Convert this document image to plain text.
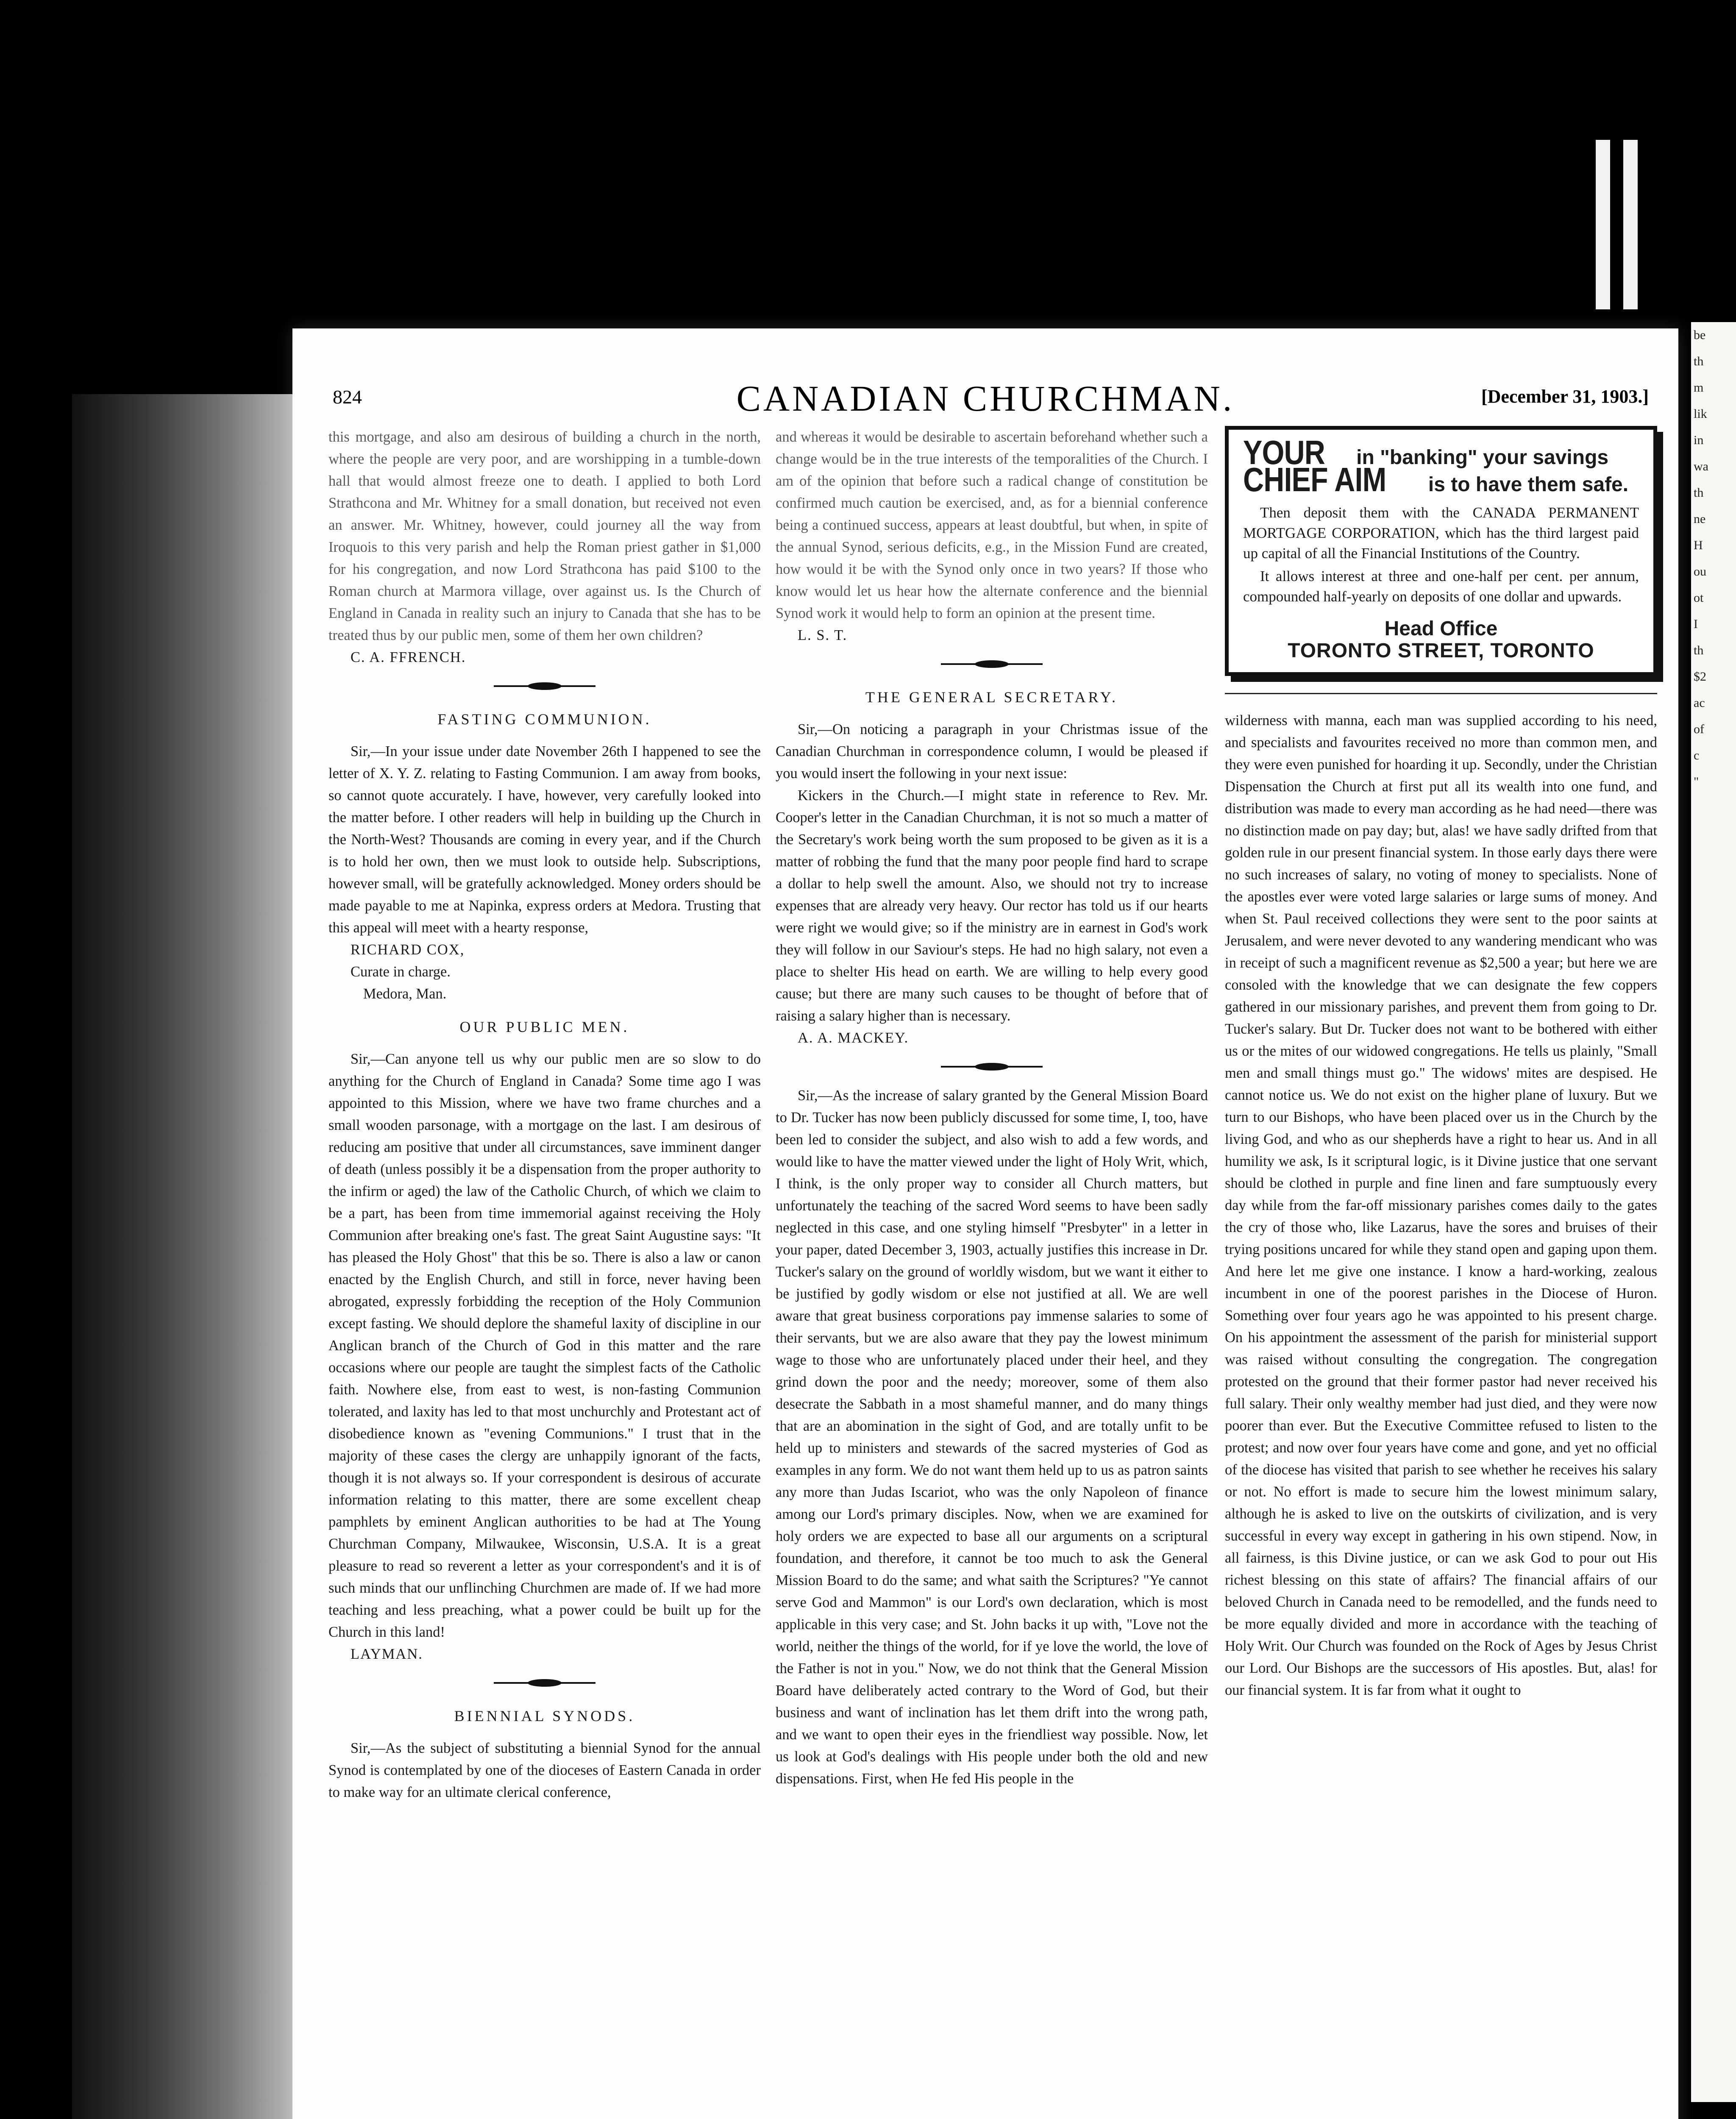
be
th
m
lik
in
wa
th
ne
H
ou
ot
I
th
$2
ac
of
c
"
824	CANADIAN CHURCHMAN.	[December 31, 1903.]

this mortgage, and also am desirous of building a church in the north, where the people are very poor, and are worshipping in a tumble-down hall that would almost freeze one to death. I applied to both Lord Strathcona and Mr. Whitney for a small donation, but received not even an answer. Mr. Whitney, however, could journey all the way from Iroquois to this very parish and help the Roman priest gather in $1,000 for his congregation, and now Lord Strathcona has paid $100 to the Roman church at Marmora village, over against us. Is the Church of England in Canada in reality such an injury to Canada that she has to be treated thus by our public men, some of them her own children?

C. A. FFRENCH.

FASTING COMMUNION.

Sir,—In your issue under date November 26th I happened to see the letter of X. Y. Z. relating to Fasting Communion. I am away from books, so cannot quote accurately. I have, however, very carefully looked into the matter before. I other readers will help in building up the Church in the North-West? Thousands are coming in every year, and if the Church is to hold her own, then we must look to outside help. Subscriptions, however small, will be gratefully acknowledged. Money orders should be made payable to me at Napinka, express orders at Medora. Trusting that this appeal will meet with a hearty response,

RICHARD COX,

Curate in charge.

Medora, Man.

OUR PUBLIC MEN.

Sir,—Can anyone tell us why our public men are so slow to do anything for the Church of England in Canada? Some time ago I was appointed to this Mission, where we have two frame churches and a small wooden parsonage, with a mortgage on the last. I am desirous of reducing am positive that under all circumstances, save imminent danger of death (unless possibly it be a dispensation from the proper authority to the infirm or aged) the law of the Catholic Church, of which we claim to be a part, has been from time immemorial against receiving the Holy Communion after breaking one's fast. The great Saint Augustine says: "It has pleased the Holy Ghost" that this be so. There is also a law or canon enacted by the English Church, and still in force, never having been abrogated, expressly forbidding the reception of the Holy Communion except fasting. We should deplore the shameful laxity of discipline in our Anglican branch of the Church of God in this matter and the rare occasions where our people are taught the simplest facts of the Catholic faith. Nowhere else, from east to west, is non-fasting Communion tolerated, and laxity has led to that most unchurchly and Protestant act of disobedience known as "evening Communions." I trust that in the majority of these cases the clergy are unhappily ignorant of the facts, though it is not always so. If your correspondent is desirous of accurate information relating to this matter, there are some excellent cheap pamphlets by eminent Anglican authorities to be had at The Young Churchman Company, Milwaukee, Wisconsin, U.S.A. It is a great pleasure to read so reverent a letter as your correspondent's and it is of such minds that our unflinching Churchmen are made of. If we had more teaching and less preaching, what a power could be built up for the Church in this land!

LAYMAN.

BIENNIAL SYNODS.

Sir,—As the subject of substituting a biennial Synod for the annual Synod is contemplated by one of the dioceses of Eastern Canada in order to make way for an ultimate clerical conference,

and whereas it would be desirable to ascertain beforehand whether such a change would be in the true interests of the temporalities of the Church. I am of the opinion that before such a radical change of constitution be confirmed much caution be exercised, and, as for a biennial conference being a continued success, appears at least doubtful, but when, in spite of the annual Synod, serious deficits, e.g., in the Mission Fund are created, how would it be with the Synod only once in two years? If those who know would let us hear how the alternate conference and the biennial Synod work it would help to form an opinion at the present time.

L. S. T.

THE GENERAL SECRETARY.

Sir,—On noticing a paragraph in your Christmas issue of the Canadian Churchman in correspondence column, I would be pleased if you would insert the following in your next issue:

Kickers in the Church.—I might state in reference to Rev. Mr. Cooper's letter in the Canadian Churchman, it is not so much a matter of the Secretary's work being worth the sum proposed to be given as it is a matter of robbing the fund that the many poor people find hard to scrape a dollar to help swell the amount. Also, we should not try to increase expenses that are already very heavy. Our rector has told us if our hearts were right we would give; so if the ministry are in earnest in God's work they will follow in our Saviour's steps. He had no high salary, not even a place to shelter His head on earth. We are willing to help every good cause; but there are many such causes to be thought of before that of raising a salary higher than is necessary.

A. A. MACKEY.

Sir,—As the increase of salary granted by the General Mission Board to Dr. Tucker has now been publicly discussed for some time, I, too, have been led to consider the subject, and also wish to add a few words, and would like to have the matter viewed under the light of Holy Writ, which, I think, is the only proper way to consider all Church matters, but unfortunately the teaching of the sacred Word seems to have been sadly neglected in this case, and one styling himself "Presbyter" in a letter in your paper, dated December 3, 1903, actually justifies this increase in Dr. Tucker's salary on the ground of worldly wisdom, but we want it either to be justified by godly wisdom or else not justified at all. We are well aware that great business corporations pay immense salaries to some of their servants, but we are also aware that they pay the lowest minimum wage to those who are unfortunately placed under their heel, and they grind down the poor and the needy; moreover, some of them also desecrate the Sabbath in a most shameful manner, and do many things that are an abomination in the sight of God, and are totally unfit to be held up to ministers and stewards of the sacred mysteries of God as examples in any form. We do not want them held up to us as patron saints any more than Judas Iscariot, who was the only Napoleon of finance among our Lord's primary disciples. Now, when we are examined for holy orders we are expected to base all our arguments on a scriptural foundation, and therefore, it cannot be too much to ask the General Mission Board to do the same; and what saith the Scriptures? "Ye cannot serve God and Mammon" is our Lord's own declaration, which is most applicable in this very case; and St. John backs it up with, "Love not the world, neither the things of the world, for if ye love the world, the love of the Father is not in you." Now, we do not think that the General Mission Board have deliberately acted contrary to the Word of God, but their business and want of inclination has let them drift into the wrong path, and we want to open their eyes in the friendliest way possible. Now, let us look at God's dealings with His people under both the old and new dispensations. First, when He fed His people in the

YOUR in "banking" your savings
CHIEF AIM is to have them safe.

Then deposit them with the CANADA PERMANENT MORTGAGE CORPORATION, which has the third largest paid up capital of all the Financial Institutions of the Country.

It allows interest at three and one-half per cent. per annum, compounded half-yearly on deposits of one dollar and upwards.

Head Office
TORONTO STREET, TORONTO

wilderness with manna, each man was supplied according to his need, and specialists and favourites received no more than common men, and they were even punished for hoarding it up. Secondly, under the Christian Dispensation the Church at first put all its wealth into one fund, and distribution was made to every man according as he had need—there was no distinction made on pay day; but, alas! we have sadly drifted from that golden rule in our present financial system. In those early days there were no such increases of salary, no voting of money to specialists. None of the apostles ever were voted large salaries or large sums of money. And when St. Paul received collections they were sent to the poor saints at Jerusalem, and were never devoted to any wandering mendicant who was in receipt of such a magnificent revenue as $2,500 a year; but here we are consoled with the knowledge that we can designate the few coppers gathered in our missionary parishes, and prevent them from going to Dr. Tucker's salary. But Dr. Tucker does not want to be bothered with either us or the mites of our widowed congregations. He tells us plainly, "Small men and small things must go." The widows' mites are despised. He cannot notice us. We do not exist on the higher plane of luxury. But we turn to our Bishops, who have been placed over us in the Church by the living God, and who as our shepherds have a right to hear us. And in all humility we ask, Is it scriptural logic, is it Divine justice that one servant should be clothed in purple and fine linen and fare sumptuously every day while from the far-off missionary parishes comes daily to the gates the cry of those who, like Lazarus, have the sores and bruises of their trying positions uncared for while they stand open and gaping upon them. And here let me give one instance. I know a hard-working, zealous incumbent in one of the poorest parishes in the Diocese of Huron. Something over four years ago he was appointed to his present charge. On his appointment the assessment of the parish for ministerial support was raised without consulting the congregation. The congregation protested on the ground that their former pastor had never received his full salary. Their only wealthy member had just died, and they were now poorer than ever. But the Executive Committee refused to listen to the protest; and now over four years have come and gone, and yet no official of the diocese has visited that parish to see whether he receives his salary or not. No effort is made to secure him the lowest minimum salary, although he is asked to live on the outskirts of civilization, and is very successful in every way except in gathering in his own stipend. Now, in all fairness, is this Divine justice, or can we ask God to pour out His richest blessing on this state of affairs? The financial affairs of our beloved Church in Canada need to be remodelled, and the funds need to be more equally divided and more in accordance with the teaching of Holy Writ. Our Church was founded on the Rock of Ages by Jesus Christ our Lord. Our Bishops are the successors of His apostles. But, alas! for our financial system. It is far from what it ought to
